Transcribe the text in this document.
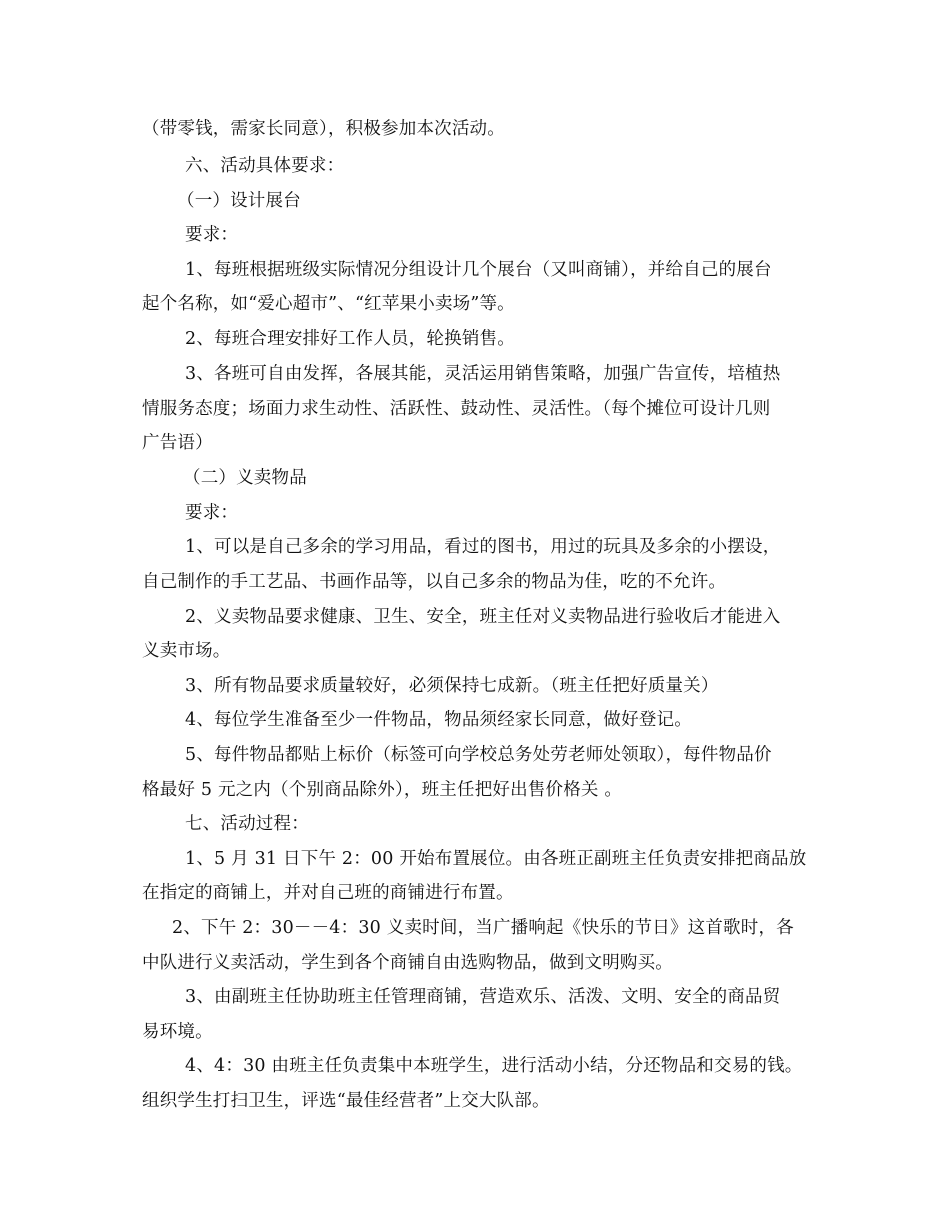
（带零钱，需家长同意），积极参加本次活动。
六、活动具体要求：
（一）设计展台
要求：
1、每班根据班级实际情况分组设计几个展台（又叫商铺），并给自己的展台
起个名称，如“爱心超市”、“红苹果小卖场”等。
2、每班合理安排好工作人员，轮换销售。
3、各班可自由发挥，各展其能，灵活运用销售策略，加强广告宣传，培植热
情服务态度；场面力求生动性、活跃性、鼓动性、灵活性。（每个摊位可设计几则
广告语）
（二）义卖物品
要求：
1、可以是自己多余的学习用品，看过的图书，用过的玩具及多余的小摆设，
自己制作的手工艺品、书画作品等，以自己多余的物品为佳，吃的不允许。
2、义卖物品要求健康、卫生、安全，班主任对义卖物品进行验收后才能进入
义卖市场。
3、所有物品要求质量较好，必须保持七成新。（班主任把好质量关）
4、每位学生准备至少一件物品，物品须经家长同意，做好登记。
5、每件物品都贴上标价（标签可向学校总务处劳老师处领取），每件物品价
格最好 5 元之内（个别商品除外），班主任把好出售价格关 。
七、活动过程：
1、5 月 31 日下午 2：00 开始布置展位。由各班正副班主任负责安排把商品放
在指定的商铺上，并对自己班的商铺进行布置。
2、下午 2：30－－4：30 义卖时间，当广播响起《快乐的节日》这首歌时，各
中队进行义卖活动，学生到各个商铺自由选购物品，做到文明购买。
3、由副班主任协助班主任管理商铺，营造欢乐、活泼、文明、安全的商品贸
易环境。
4、4：30 由班主任负责集中本班学生，进行活动小结，分还物品和交易的钱。
组织学生打扫卫生，评选“最佳经营者”上交大队部。
